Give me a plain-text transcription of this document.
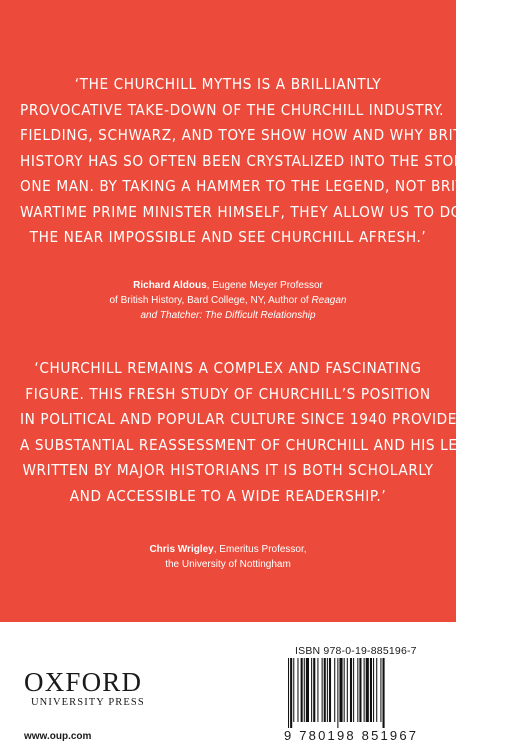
‘THE CHURCHILL MYTHS IS A BRILLIANTLY
PROVOCATIVE TAKE-DOWN OF THE CHURCHILL INDUSTRY.
FIELDING, SCHWARZ, AND TOYE SHOW HOW AND WHY BRITISH
HISTORY HAS SO OFTEN BEEN CRYSTALIZED INTO THE STORY OF
ONE MAN. BY TAKING A HAMMER TO THE LEGEND, NOT BRITAIN’S
WARTIME PRIME MINISTER HIMSELF, THEY ALLOW US TO DO
THE NEAR IMPOSSIBLE AND SEE CHURCHILL AFRESH.’
Richard Aldous, Eugene Meyer Professor
of British History, Bard College, NY, Author of Reagan
and Thatcher: The Difficult Relationship
‘CHURCHILL REMAINS A COMPLEX AND FASCINATING
FIGURE. THIS FRESH STUDY OF CHURCHILL’S POSITION
IN POLITICAL AND POPULAR CULTURE SINCE 1940 PROVIDES
A SUBSTANTIAL REASSESSMENT OF CHURCHILL AND HIS LEGEND.
WRITTEN BY MAJOR HISTORIANS IT IS BOTH SCHOLARLY
AND ACCESSIBLE TO A WIDE READERSHIP.’
Chris Wrigley, Emeritus Professor,
the University of Nottingham
OXFORD
UNIVERSITY PRESS
www.oup.com
ISBN 978-0-19-885196-7
9 780198 851967
